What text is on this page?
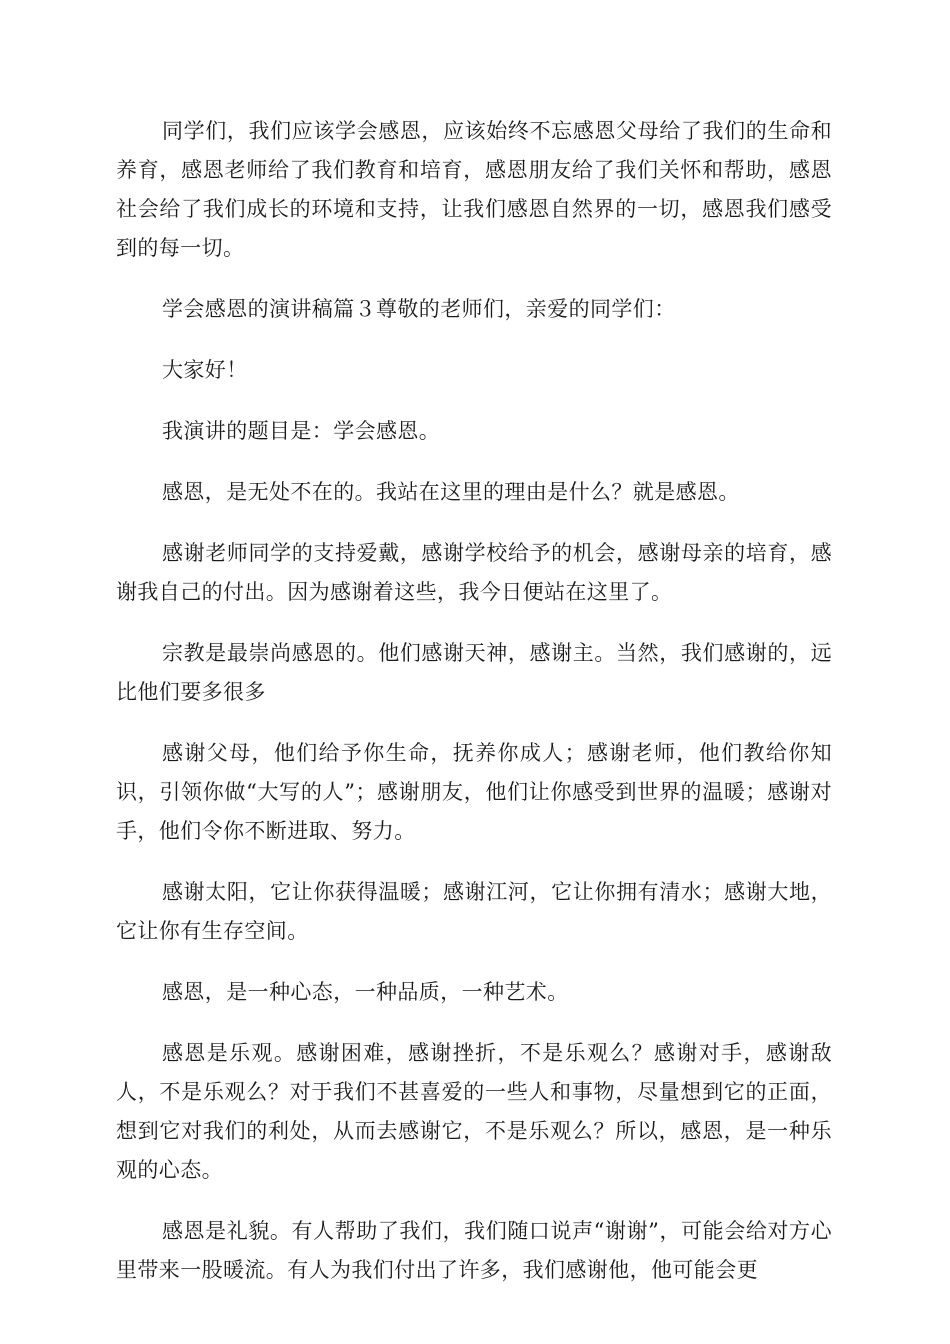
同学们，我们应该学会感恩，应该始终不忘感恩父母给了我们的生命和养育，感恩老师给了我们教育和培育，感恩朋友给了我们关怀和帮助，感恩社会给了我们成长的环境和支持，让我们感恩自然界的一切，感恩我们感受到的每一切。

学会感恩的演讲稿篇３尊敬的老师们，亲爱的同学们：

大家好！

我演讲的题目是：学会感恩。

感恩，是无处不在的。我站在这里的理由是什么？就是感恩。

感谢老师同学的支持爱戴，感谢学校给予的机会，感谢母亲的培育，感谢我自己的付出。因为感谢着这些，我今日便站在这里了。

宗教是最崇尚感恩的。他们感谢天神，感谢主。当然，我们感谢的，远比他们要多很多

感谢父母，他们给予你生命，抚养你成人；感谢老师，他们教给你知识，引领你做“大写的人”；感谢朋友，他们让你感受到世界的温暖；感谢对手，他们令你不断进取、努力。

感谢太阳，它让你获得温暖；感谢江河，它让你拥有清水；感谢大地，它让你有生存空间。

感恩，是一种心态，一种品质，一种艺术。

感恩是乐观。感谢困难，感谢挫折，不是乐观么？感谢对手，感谢敌人，不是乐观么？对于我们不甚喜爱的一些人和事物，尽量想到它的正面，想到它对我们的利处，从而去感谢它，不是乐观么？所以，感恩，是一种乐观的心态。

感恩是礼貌。有人帮助了我们，我们随口说声“谢谢”，可能会给对方心里带来一股暖流。有人为我们付出了许多，我们感谢他，他可能会更
